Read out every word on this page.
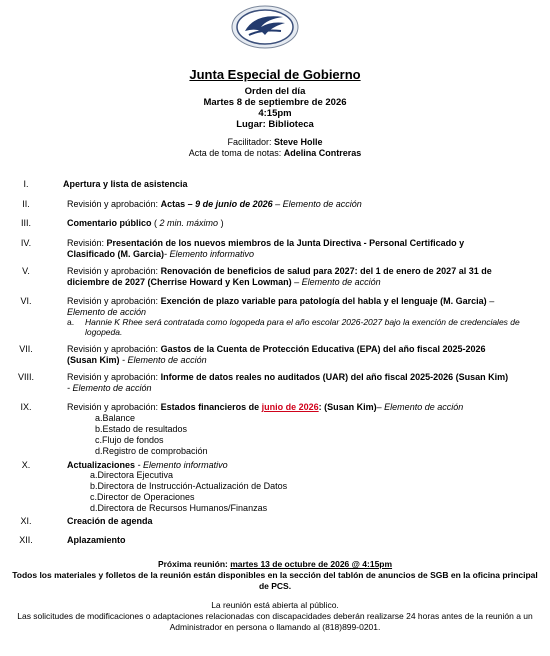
Junta Especial de Gobierno
Orden del día
Martes 8 de septiembre de 2026
4:15pm
Lugar: Biblioteca
Facilitador: Steve Holle
Acta de toma de notas: Adelina Contreras
I.	Apertura y lista de asistencia
II.	Revisión y aprobación: Actas – 9 de junio de 2026 – Elemento de acción
III.	Comentario público ( 2 min. máximo )
IV.	Revisión: Presentación de los nuevos miembros de la Junta Directiva - Personal Certificado y Clasificado (M. Garcia)- Elemento informativo
V.	Revisión y aprobación: Renovación de beneficios de salud para 2027: del 1 de enero de 2027 al 31 de diciembre de 2027 (Cherrise Howard y Ken Lowman) – Elemento de acción
VI.	Revisión y aprobación: Exención de plazo variable para patología del habla y el lenguaje (M. Garcia) – Elemento de acción
a.	Hannie K Rhee será contratada como logopeda para el año escolar 2026-2027 bajo la exención de credenciales de logopeda.
VII.	Revisión y aprobación: Gastos de la Cuenta de Protección Educativa (EPA) del año fiscal 2025-2026 (Susan Kim) - Elemento de acción
VIII.	Revisión y aprobación: Informe de datos reales no auditados (UAR) del año fiscal 2025-2026 (Susan Kim) - Elemento de acción
IX.	Revisión y aprobación: Estados financieros de junio de 2026: (Susan Kim)– Elemento de acción
a.Balance
b.Estado de resultados
c.Flujo de fondos
d.Registro de comprobación
X.	Actualizaciones - Elemento informativo
a.Directora Ejecutiva
b.Directora de Instrucción-Actualización de Datos
c.Director de Operaciones
d.Directora de Recursos Humanos/Finanzas
XI.	Creación de agenda
XII.	Aplazamiento
Próxima reunión: martes 13 de octubre de 2026 @ 4:15pm
Todos los materiales y folletos de la reunión están disponibles en la sección del tablón de anuncios de SGB en la oficina principal de PCS.
La reunión está abierta al público.
Las solicitudes de modificaciones o adaptaciones relacionadas con discapacidades deberán realizarse 24 horas antes de la reunión a un Administrador en persona o llamando al (818)899-0201.
